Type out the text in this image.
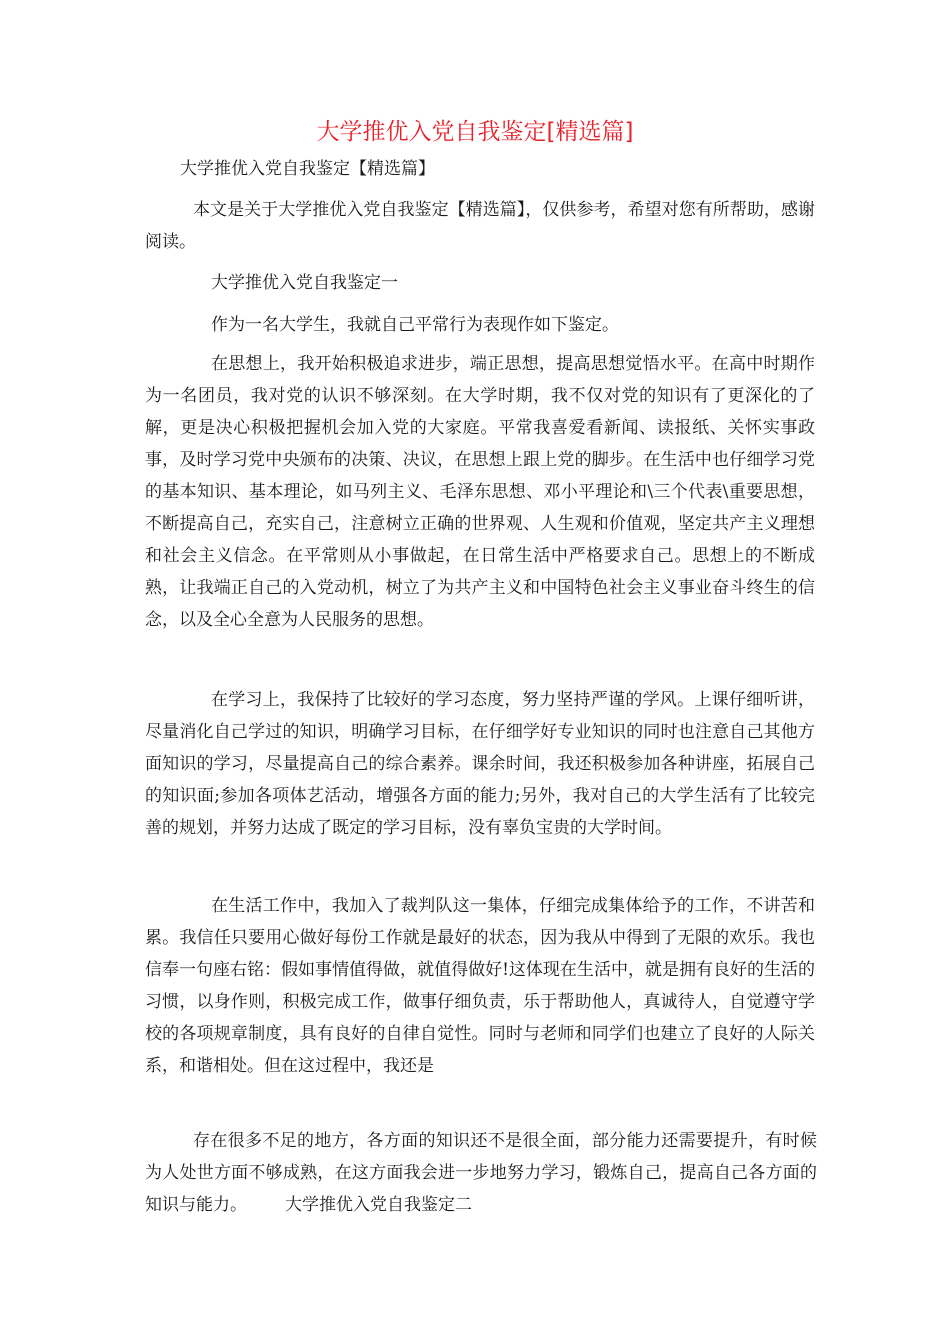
大学推优入党自我鉴定[精选篇]
大学推优入党自我鉴定【精选篇】
本文是关于大学推优入党自我鉴定【精选篇】，仅供参考，希望对您有所帮助，感谢阅读。
大学推优入党自我鉴定一
作为一名大学生，我就自己平常行为表现作如下鉴定。
在思想上，我开始积极追求进步，端正思想，提高思想觉悟水平。在高中时期作为一名团员，我对党的认识不够深刻。在大学时期，我不仅对党的知识有了更深化的了解，更是决心积极把握机会加入党的大家庭。平常我喜爱看新闻、读报纸、关怀实事政事，及时学习党中央颁布的决策、决议，在思想上跟上党的脚步。在生活中也仔细学习党的基本知识、基本理论，如马列主义、毛泽东思想、邓小平理论和\三个代表\重要思想，不断提高自己，充实自己，注意树立正确的世界观、人生观和价值观，坚定共产主义理想和社会主义信念。在平常则从小事做起，在日常生活中严格要求自己。思想上的不断成熟，让我端正自己的入党动机，树立了为共产主义和中国特色社会主义事业奋斗终生的信念，以及全心全意为人民服务的思想。
在学习上，我保持了比较好的学习态度，努力坚持严谨的学风。上课仔细听讲，尽量消化自己学过的知识，明确学习目标，在仔细学好专业知识的同时也注意自己其他方面知识的学习，尽量提高自己的综合素养。课余时间，我还积极参加各种讲座，拓展自己的知识面;参加各项体艺活动，增强各方面的能力;另外，我对自己的大学生活有了比较完善的规划，并努力达成了既定的学习目标，没有辜负宝贵的大学时间。
在生活工作中，我加入了裁判队这一集体，仔细完成集体给予的工作，不讲苦和累。我信任只要用心做好每份工作就是最好的状态，因为我从中得到了无限的欢乐。我也信奉一句座右铭：假如事情值得做，就值得做好!这体现在生活中，就是拥有良好的生活的习惯，以身作则，积极完成工作，做事仔细负责，乐于帮助他人，真诚待人，自觉遵守学校的各项规章制度，具有良好的自律自觉性。同时与老师和同学们也建立了良好的人际关系，和谐相处。但在这过程中，我还是
存在很多不足的地方，各方面的知识还不是很全面，部分能力还需要提升，有时候为人处世方面不够成熟，在这方面我会进一步地努力学习，锻炼自己，提高自己各方面的知识与能力。 大学推优入党自我鉴定二
